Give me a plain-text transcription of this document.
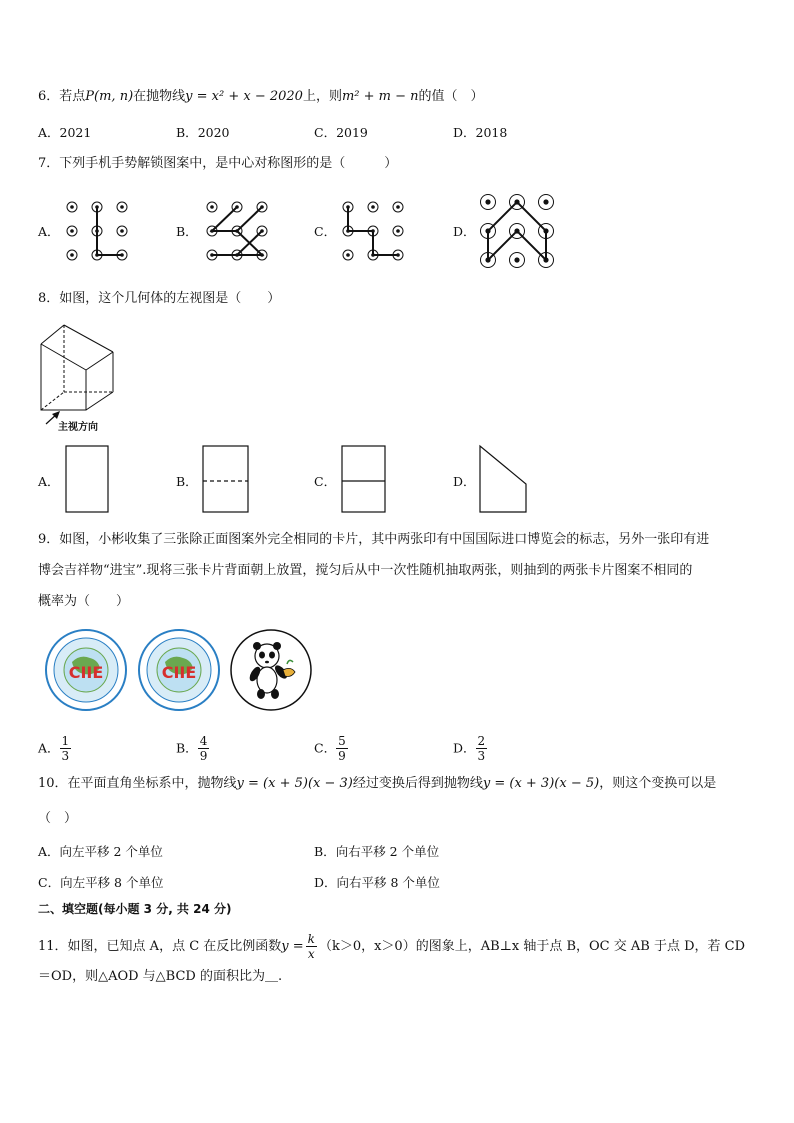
6．若点P(m, n)在抛物线y = x² + x − 2020上，则m² + m − n的值（　）
A．2021	B．2020	C．2019	D．2018
7．下列手机手势解锁图案中，是中心对称图形的是（　　　）
A．	B．	C．	D．
8．如图，这个几何体的左视图是（　　）
主视方向
A．	B．	C．	D．
9．如图，小彬收集了三张除正面图案外完全相同的卡片，其中两张印有中国国际进口博览会的标志，另外一张印有进
博会吉祥物“进宝”.现将三张卡片背面朝上放置，搅匀后从中一次性随机抽取两张，则抽到的两张卡片图案不相同的
概率为（　　）
CIIE	CIIE
A． $\frac{1}{3}$	B． $\frac{4}{9}$	C． $\frac{5}{9}$	D． $\frac{2}{3}$
10．在平面直角坐标系中，抛物线y = (x + 5)(x − 3)经过变换后得到抛物线y = (x + 3)(x − 5)，则这个变换可以是
（　）
A．向左平移 2 个单位	B．向右平移 2 个单位
C．向左平移 8 个单位	D．向右平移 8 个单位
二、填空题(每小题 3 分, 共 24 分)
11．如图，已知点 A，点 C 在反比例函数$y = \frac{k}{x} (k>0$，x＞0）的图象上，AB⊥x 轴于点 B，OC 交 AB 于点 D，若 CD
＝OD，则△AOD 与△BCD 的面积比为＿.
